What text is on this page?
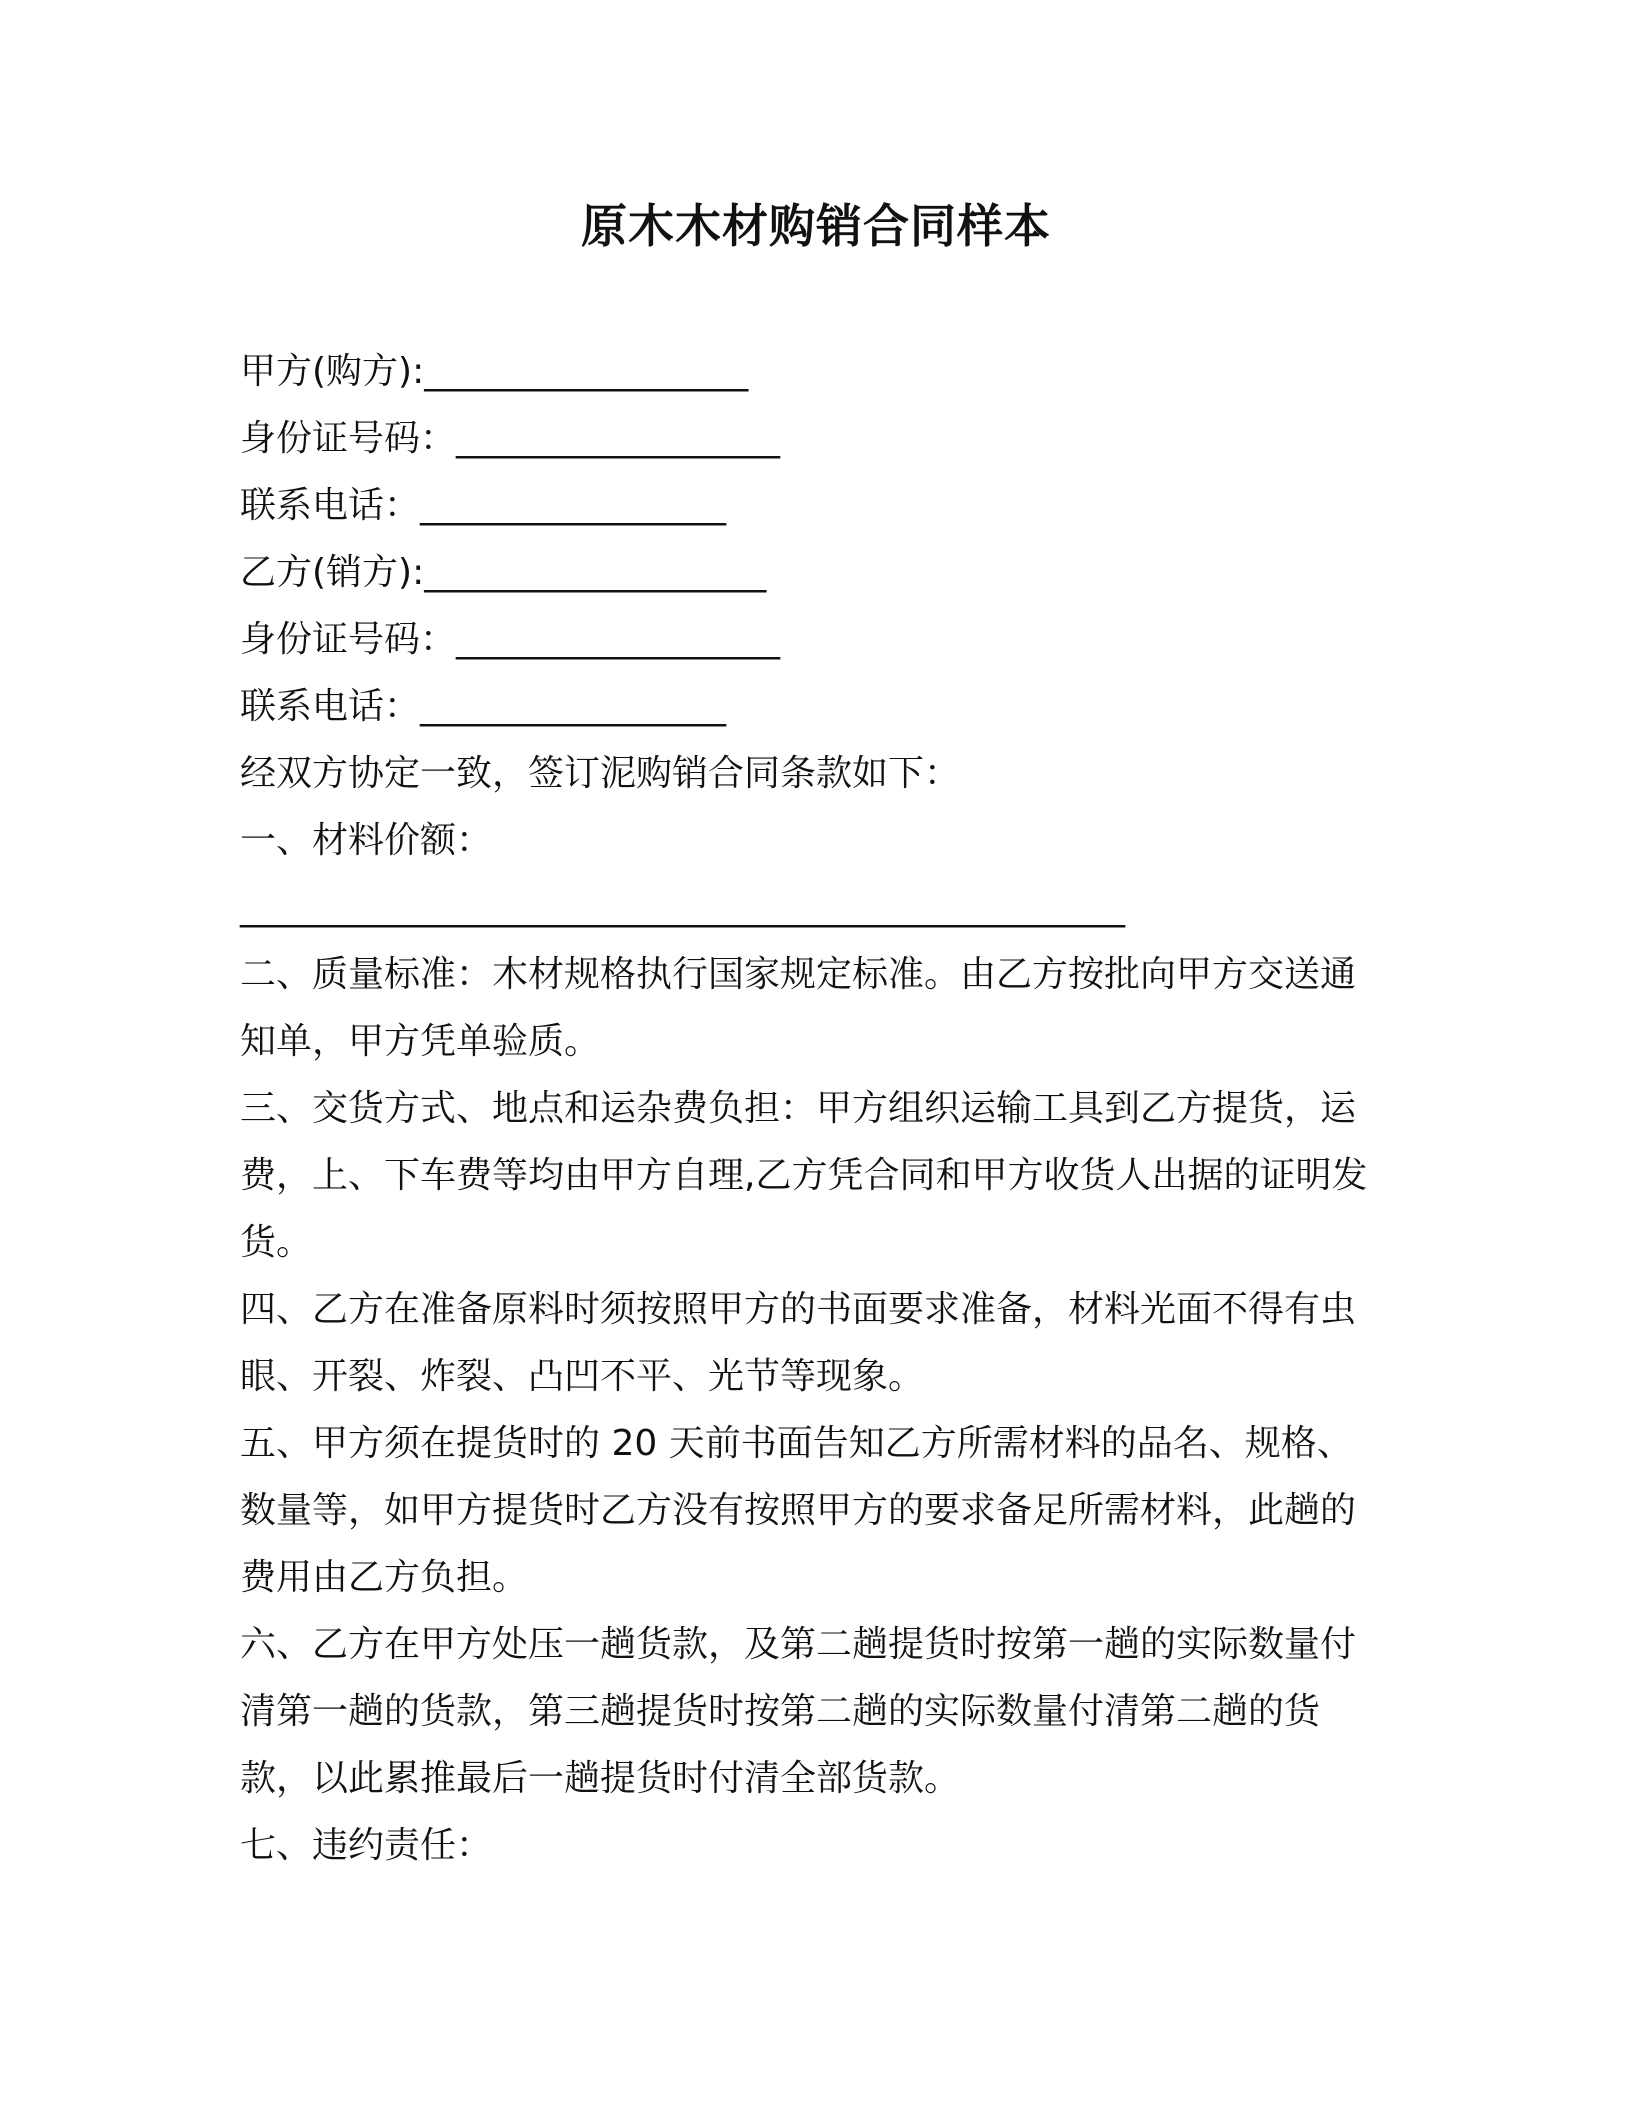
原木木材购销合同样本
甲方(购方):__________________
身份证号码：__________________
联系电话：_________________
乙方(销方):___________________
身份证号码：__________________
联系电话：_________________
经双方协定一致，签订泥购销合同条款如下：
一、材料价额：
____________________________________________________
二、质量标准：木材规格执行国家规定标准。由乙方按批向甲方交送通知单，甲方凭单验质。
三、交货方式、地点和运杂费负担：甲方组织运输工具到乙方提货，运费，上、下车费等均由甲方自理,乙方凭合同和甲方收货人出据的证明发货。
四、乙方在准备原料时须按照甲方的书面要求准备，材料光面不得有虫眼、开裂、炸裂、凸凹不平、光节等现象。
五、甲方须在提货时的 20 天前书面告知乙方所需材料的品名、规格、数量等，如甲方提货时乙方没有按照甲方的要求备足所需材料，此趟的费用由乙方负担。
六、乙方在甲方处压一趟货款，及第二趟提货时按第一趟的实际数量付清第一趟的货款，第三趟提货时按第二趟的实际数量付清第二趟的货款，以此累推最后一趟提货时付清全部货款。
七、违约责任：
